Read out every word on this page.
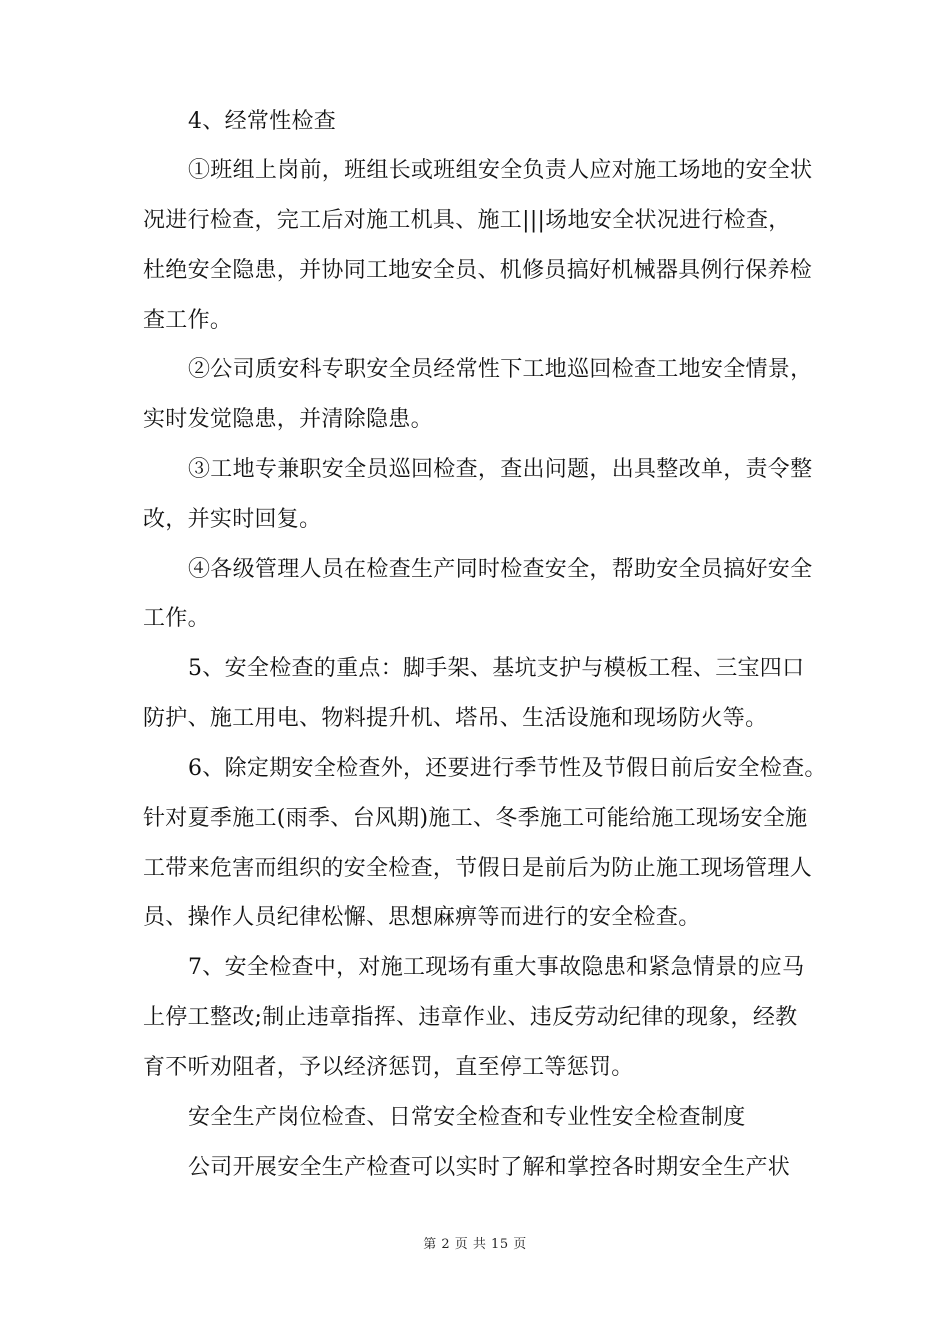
4、经常性检查
①班组上岗前，班组长或班组安全负责人应对施工场地的安全状
况进行检查，完工后对施工机具、施工|||场地安全状况进行检查，
杜绝安全隐患，并协同工地安全员、机修员搞好机械器具例行保养检
查工作。
②公司质安科专职安全员经常性下工地巡回检查工地安全情景，
实时发觉隐患，并清除隐患。
③工地专兼职安全员巡回检查，查出问题，出具整改单，责令整
改，并实时回复。
④各级管理人员在检查生产同时检查安全，帮助安全员搞好安全
工作。
5、安全检查的重点：脚手架、基坑支护与模板工程、三宝四口
防护、施工用电、物料提升机、塔吊、生活设施和现场防火等。
6、除定期安全检查外，还要进行季节性及节假日前后安全检查。
针对夏季施工(雨季、台风期)施工、冬季施工可能给施工现场安全施
工带来危害而组织的安全检查，节假日是前后为防止施工现场管理人
员、操作人员纪律松懈、思想麻痹等而进行的安全检查。
7、安全检查中，对施工现场有重大事故隐患和紧急情景的应马
上停工整改;制止违章指挥、违章作业、违反劳动纪律的现象，经教
育不听劝阻者，予以经济惩罚，直至停工等惩罚。
安全生产岗位检查、日常安全检查和专业性安全检查制度
公司开展安全生产检查可以实时了解和掌控各时期安全生产状
第 2 页 共 15 页
